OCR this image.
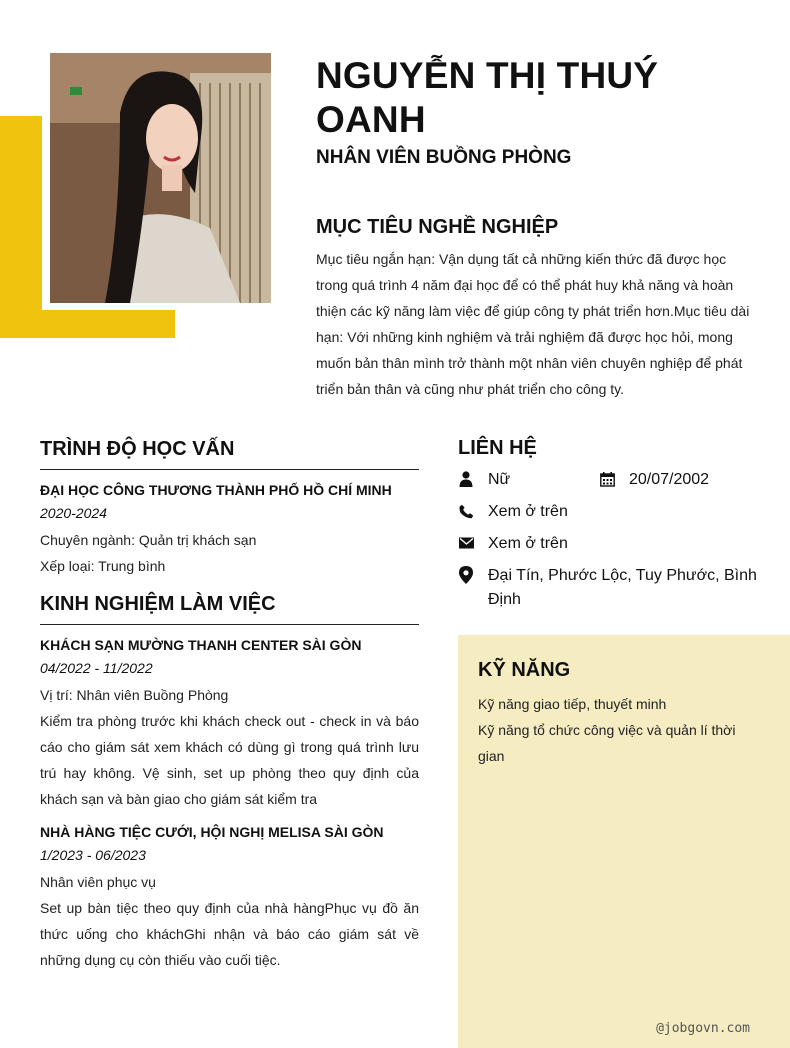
NGUYỄN THỊ THUÝ OANH
NHÂN VIÊN BUỒNG PHÒNG
MỤC TIÊU NGHỀ NGHIỆP
Mục tiêu ngắn hạn: Vận dụng tất cả những kiến thức đã được học trong quá trình 4 năm đại học để có thể phát huy khả năng và hoàn thiện các kỹ năng làm việc để giúp công ty phát triển hơn.Mục tiêu dài hạn: Với những kinh nghiệm và trải nghiệm đã được học hỏi, mong muốn bản thân mình trở thành một nhân viên chuyên nghiệp để phát triển bản thân và cũng như phát triển cho công ty.
TRÌNH ĐỘ HỌC VẤN
ĐẠI HỌC CÔNG THƯƠNG THÀNH PHỐ HỒ CHÍ MINH
2020-2024
Chuyên ngành: Quản trị khách sạn
Xếp loại: Trung bình
KINH NGHIỆM LÀM VIỆC
KHÁCH SẠN MƯỜNG THANH CENTER SÀI GÒN
04/2022 - 11/2022
Vị trí: Nhân viên Buồng Phòng
Kiểm tra phòng trước khi khách check out - check in và báo cáo cho giám sát xem khách có dùng gì trong quá trình lưu trú hay không. Vệ sinh, set up phòng theo quy định của khách sạn và bàn giao cho giám sát kiểm tra
NHÀ HÀNG TIỆC CƯỚI, HỘI NGHỊ MELISA SÀI GÒN
1/2023 - 06/2023
Nhân viên phục vụ
Set up bàn tiệc theo quy định của nhà hàngPhục vụ đồ ăn thức uống cho kháchGhi nhận và báo cáo giám sát về những dụng cụ còn thiếu vào cuối tiệc.
LIÊN HỆ
Nữ	20/07/2002
Xem ở trên
Xem ở trên
Đại Tín, Phước Lộc, Tuy Phước, Bình Định
KỸ NĂNG
Kỹ năng giao tiếp, thuyết minh
Kỹ năng tổ chức công việc và quản lí thời gian
@jobgovn.com
